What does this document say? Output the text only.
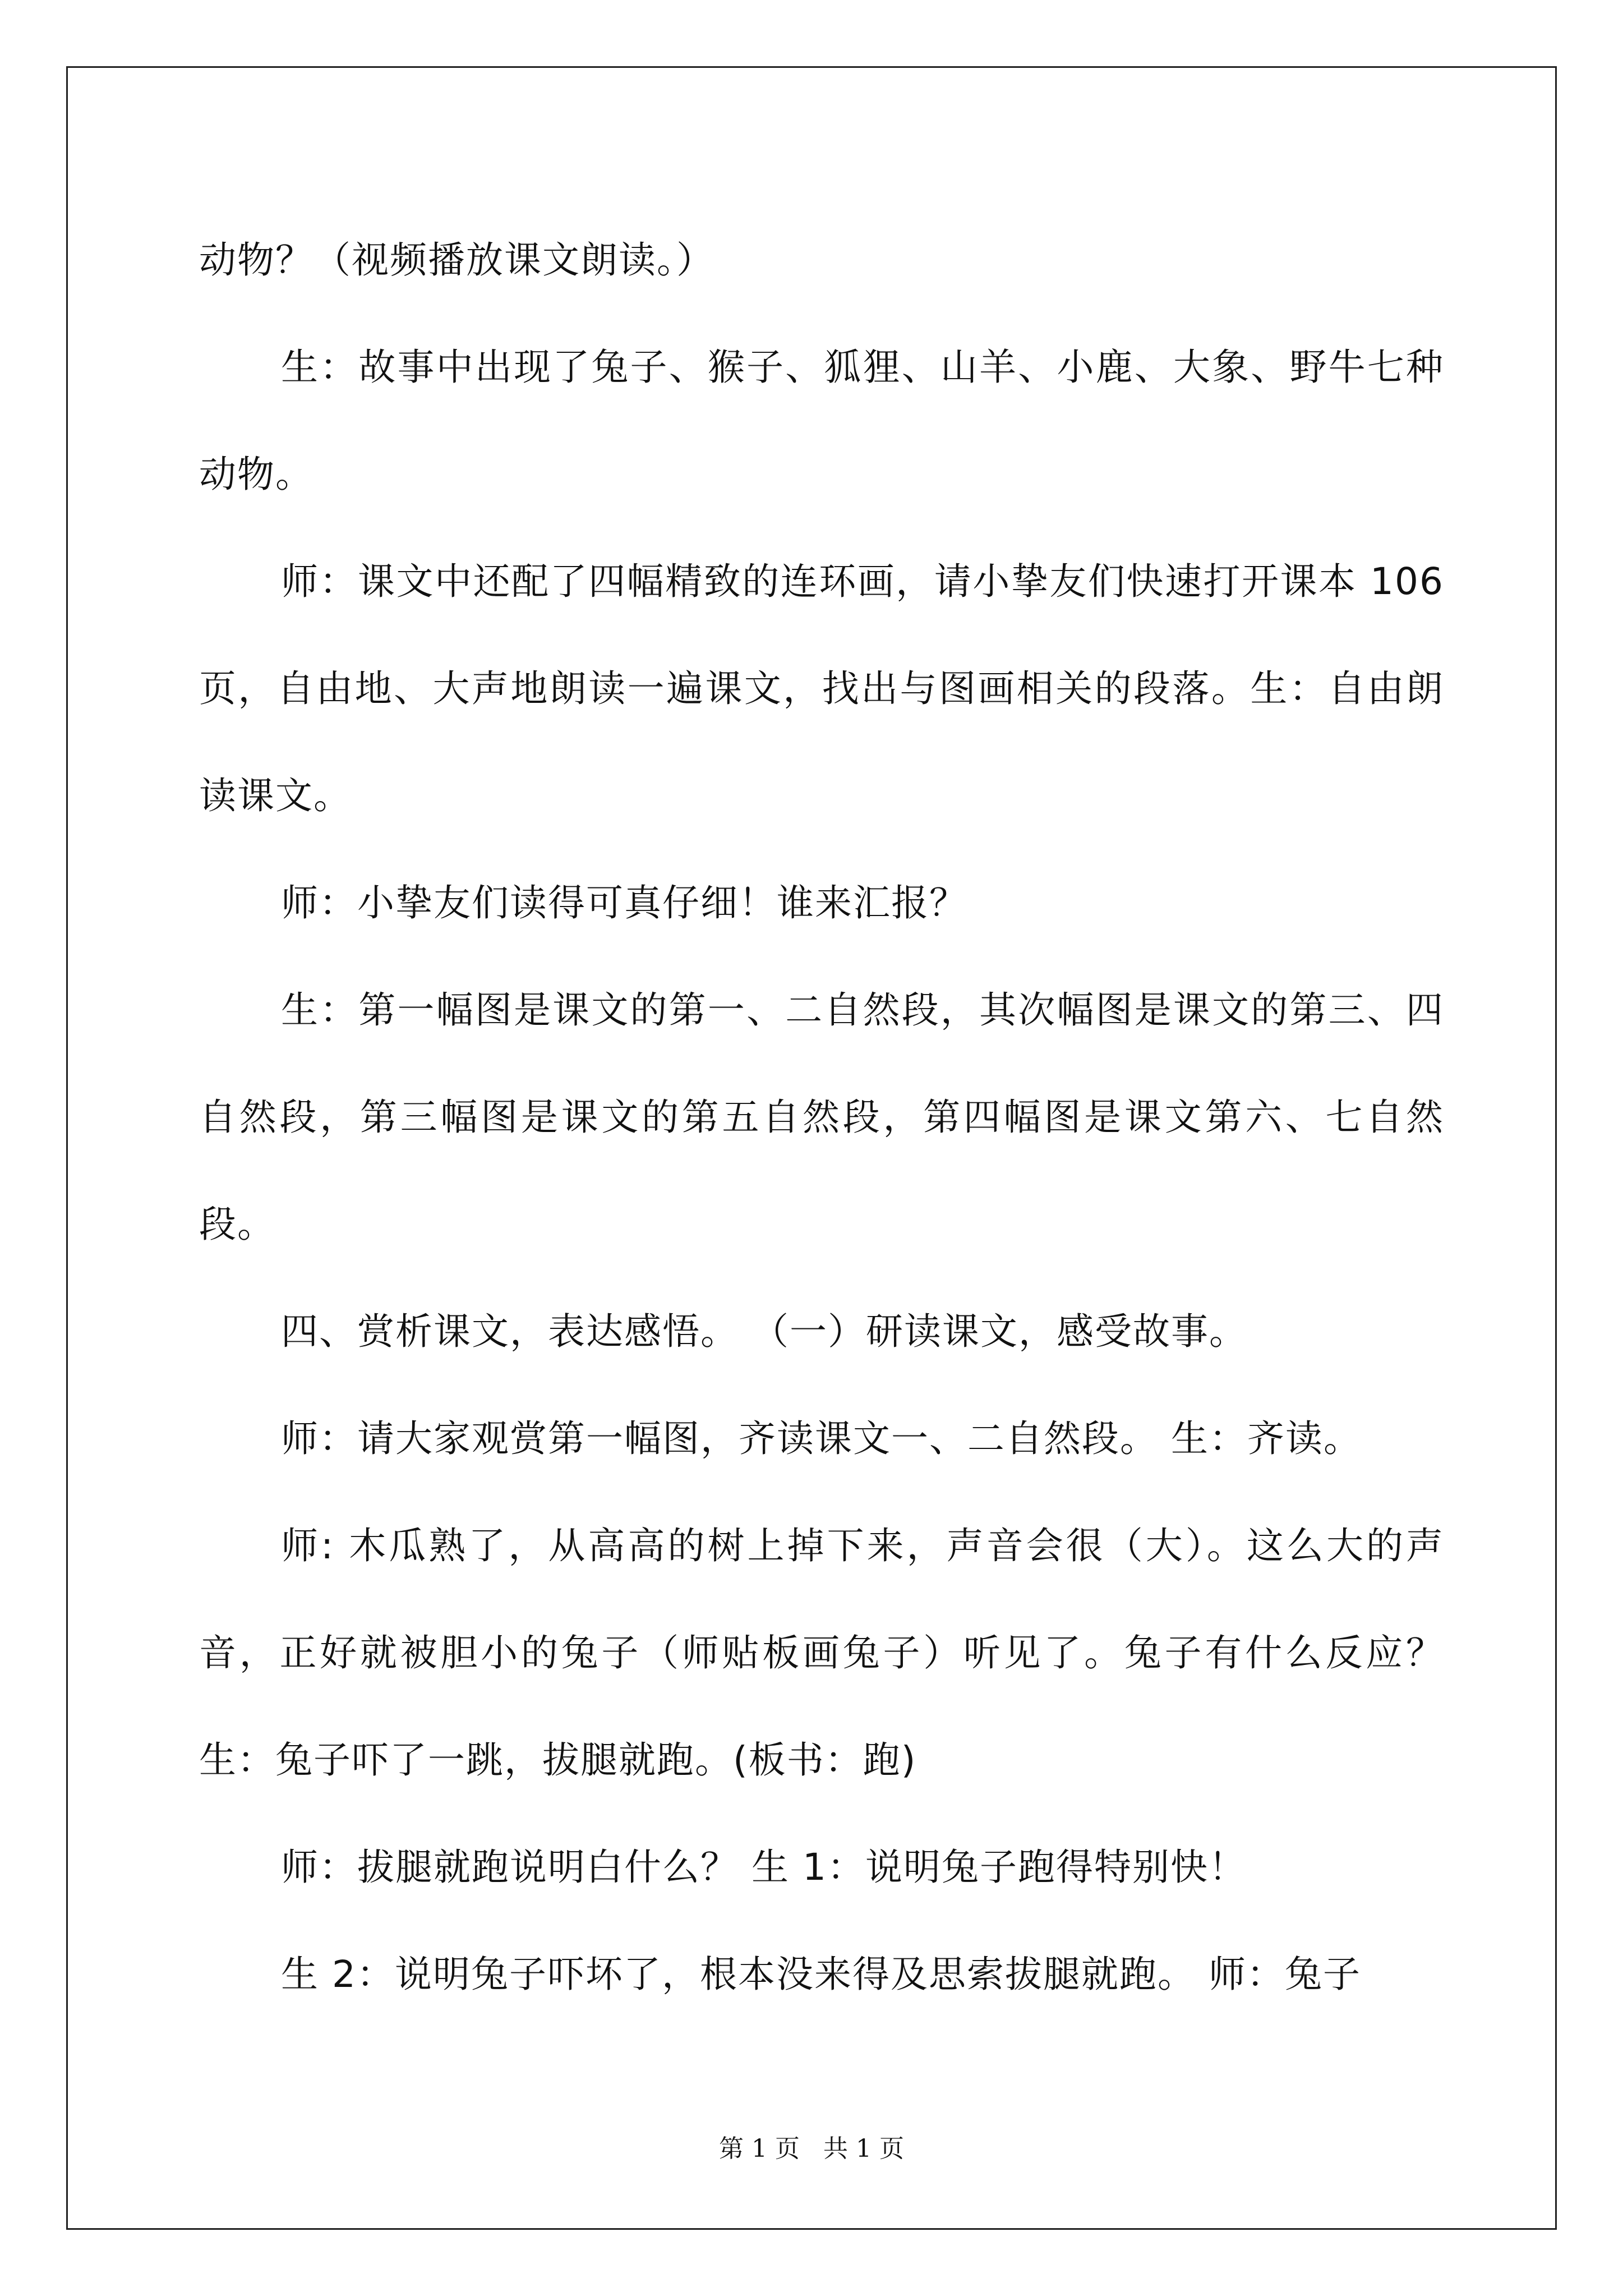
动物？（视频播放课文朗读。）

生：故事中出现了兔子、猴子、狐狸、山羊、小鹿、大象、野牛七种动物。

师：课文中还配了四幅精致的连环画，请小挚友们快速打开课本 106 页，自由地、大声地朗读一遍课文，找出与图画相关的段落。生：自由朗读课文。

师：小挚友们读得可真仔细！谁来汇报？

生：第一幅图是课文的第一、二自然段，其次幅图是课文的第三、四自然段，第三幅图是课文的第五自然段，第四幅图是课文第六、七自然段。

四、赏析课文，表达感悟。 （一）研读课文，感受故事。

师：请大家观赏第一幅图，齐读课文一、二自然段。 生：齐读。

师: 木瓜熟了，从高高的树上掉下来，声音会很（大）。这么大的声音，正好就被胆小的兔子（师贴板画兔子）听见了。兔子有什么反应？生：兔子吓了一跳，拔腿就跑。(板书：跑)

师：拔腿就跑说明白什么？ 生 1：说明兔子跑得特别快！

生 2：说明兔子吓坏了，根本没来得及思索拔腿就跑。 师：兔子

第 1 页 共 1 页
